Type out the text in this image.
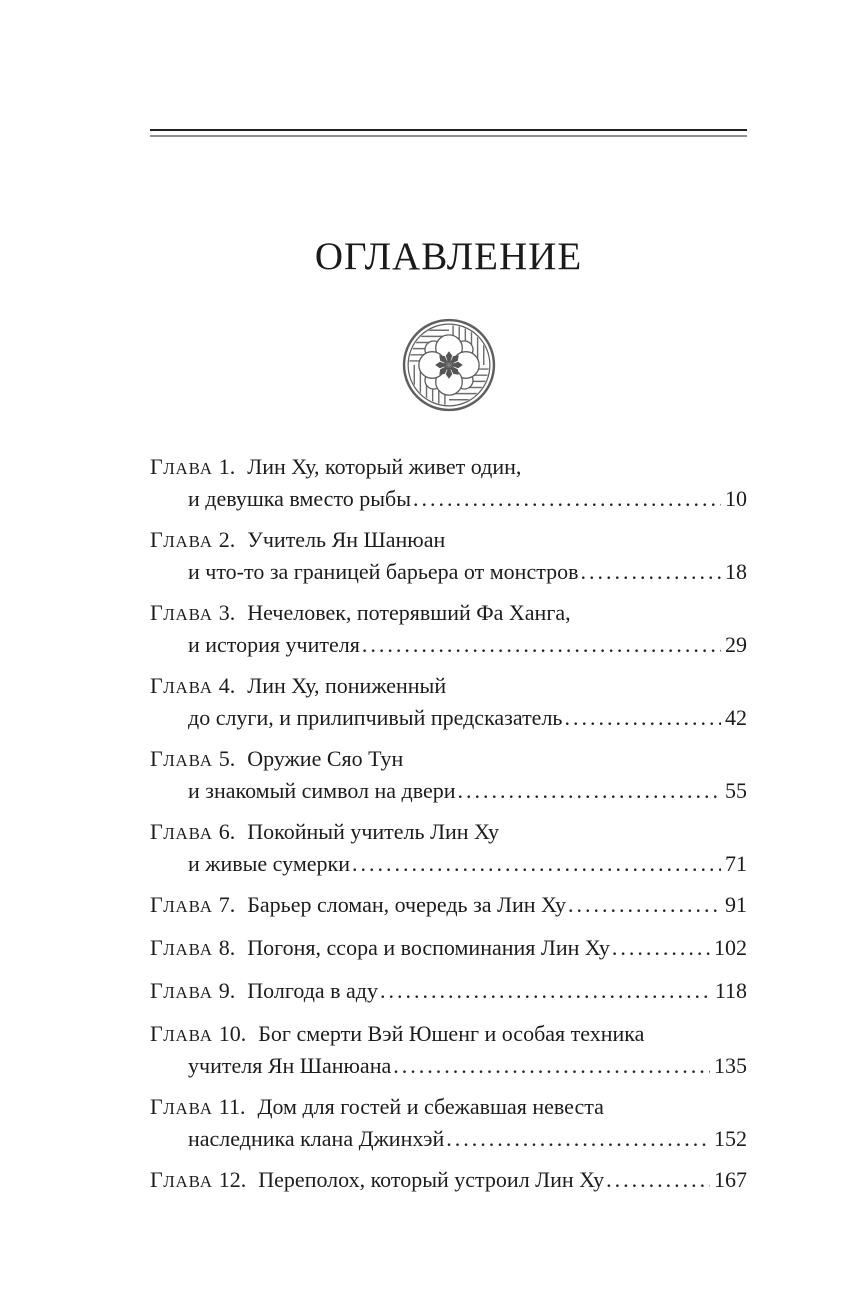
ОГЛАВЛЕНИЕ
ГЛАВА 1. Лин Ху, который живет один,
и девушка вместо рыбы .....	10
ГЛАВА 2. Учитель Ян Шанюан
и что-то за границей барьера от монстров .....	18
ГЛАВА 3. Нечеловек, потерявший Фа Ханга,
и история учителя .....	29
ГЛАВА 4. Лин Ху, пониженный
до слуги, и прилипчивый предсказатель .....	42
ГЛАВА 5. Оружие Сяо Тун
и знакомый символ на двери .....	55
ГЛАВА 6. Покойный учитель Лин Ху
и живые сумерки .....	71
ГЛАВА 7. Барьер сломан, очередь за Лин Ху .....	91
ГЛАВА 8. Погоня, ссора и воспоминания Лин Ху .....	102
ГЛАВА 9. Полгода в аду .....	118
ГЛАВА 10. Бог смерти Вэй Юшенг и особая техника
учителя Ян Шанюана .....	135
ГЛАВА 11. Дом для гостей и сбежавшая невеста
наследника клана Джинхэй .....	152
ГЛАВА 12. Переполох, который устроил Лин Ху .....	167
